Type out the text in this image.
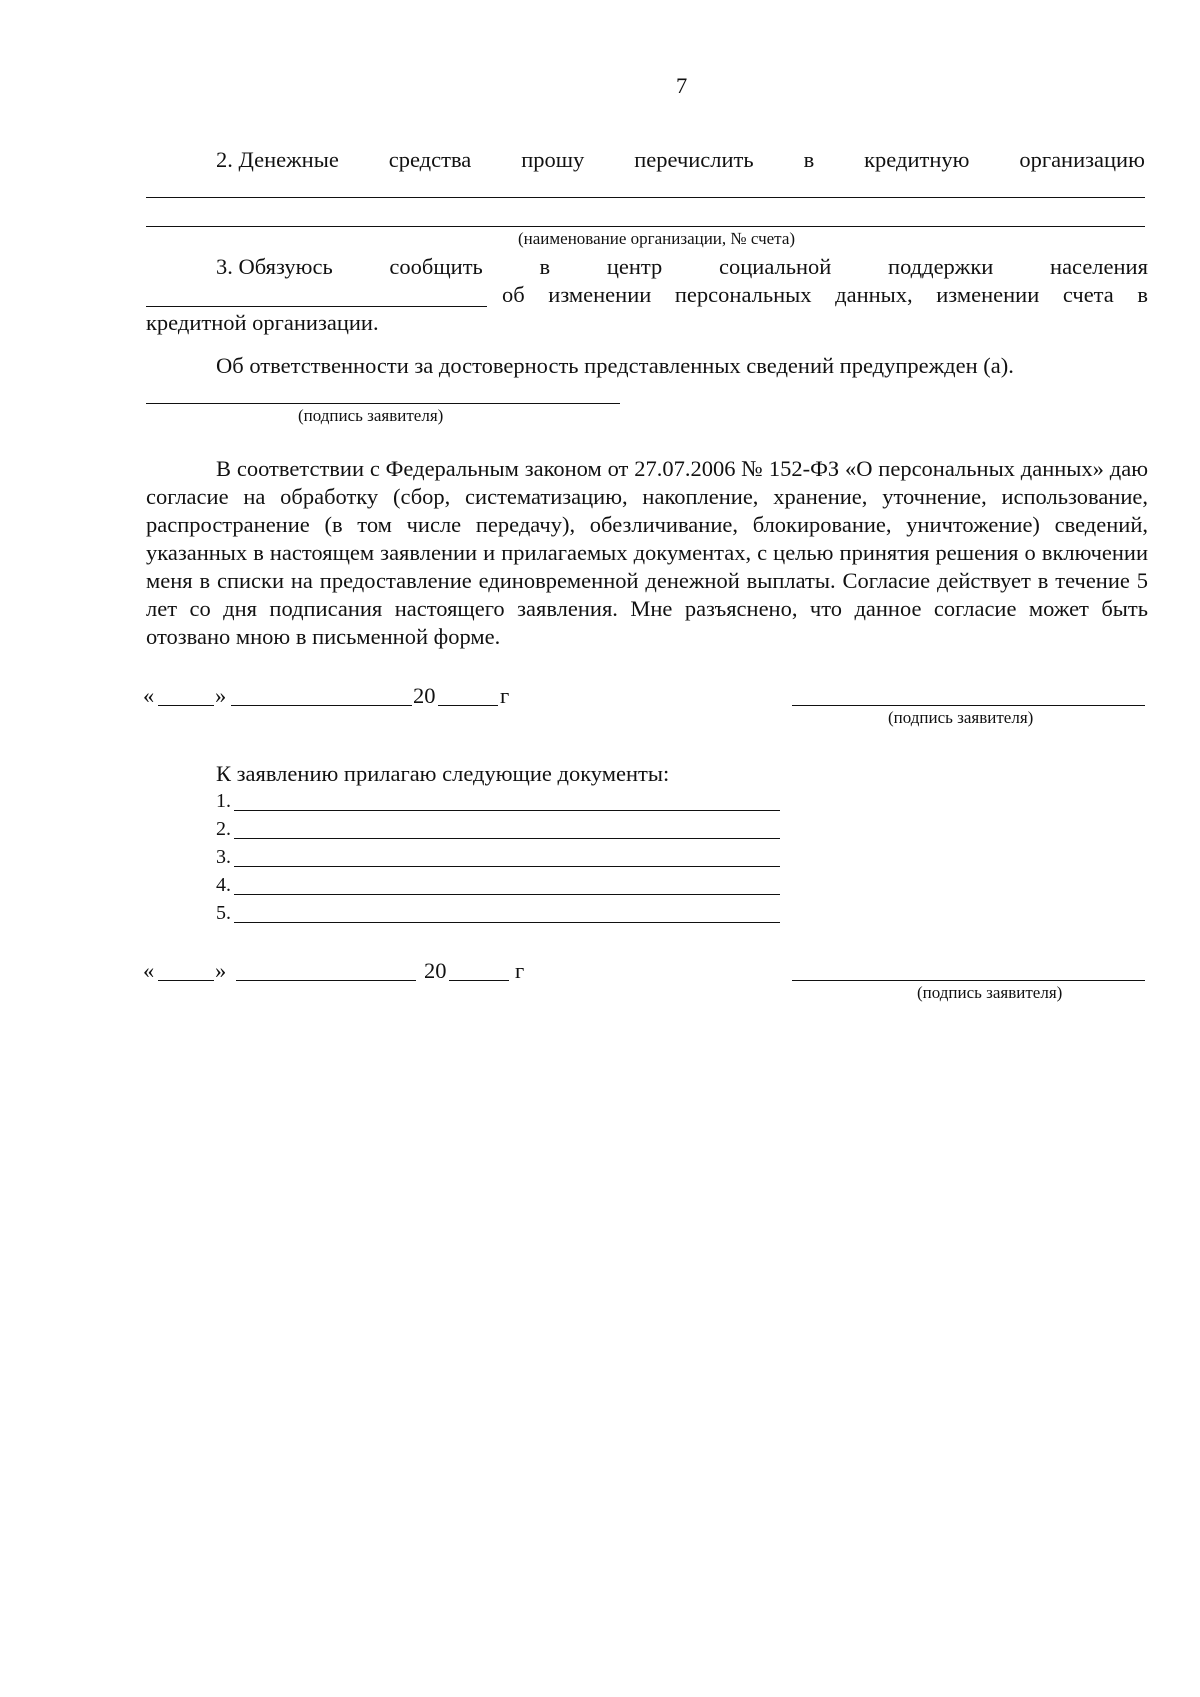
7
2. Денежные средства прошу перечислить в кредитную организацию
(наименование организации, № счета)
3. Обязуюсь	сообщить	в	центр	социальной	поддержки	населения
об изменении персональных данных, изменении счета в
кредитной организации.
Об ответственности за достоверность представленных сведений предупрежден (а).
(подпись заявителя)

В соответствии с Федеральным законом от 27.07.2006 № 152-ФЗ «О персональных данных» даю согласие на обработку (сбор, систематизацию, накопление, хранение, уточнение, использование, распространение (в том числе передачу), обезличивание, блокирование, уничтожение) сведений, указанных в настоящем заявлении и прилагаемых документах, с целью принятия решения о включении меня в списки на предоставление единовременной денежной выплаты. Согласие действует в течение 5 лет со дня подписания настоящего заявления. Мне разъяснено, что данное согласие может быть отозвано мною в письменной форме.

«	»	20	г
(подпись заявителя)
К заявлению прилагаю следующие документы:
1.
2.
3.
4.
5.
«	»	20	г
(подпись заявителя)
